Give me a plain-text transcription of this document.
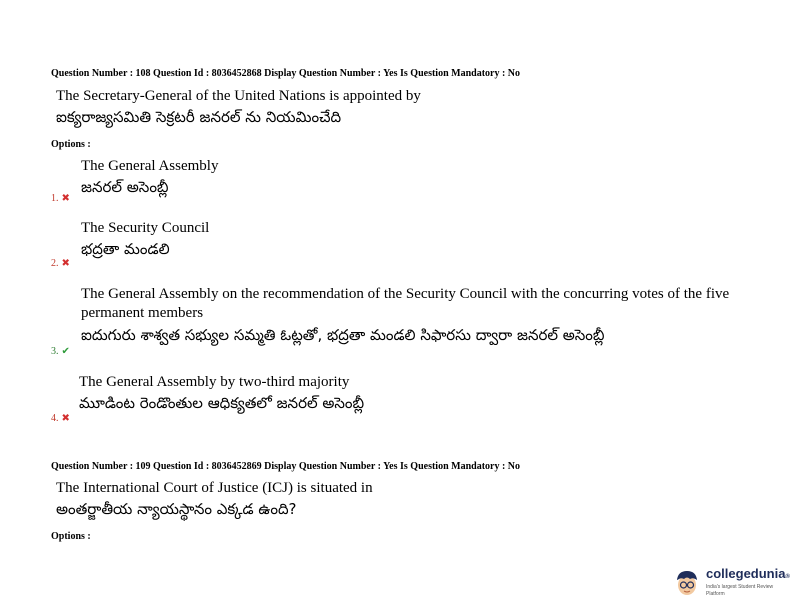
Question Number : 108 Question Id : 8036452868 Display Question Number : Yes Is Question Mandatory : No
The Secretary-General of the United Nations is appointed by
ఐక్యరాజ్యసమితి సెక్రటరీ జనరల్ ను నియమించేది
Options :
The General Assembly
జనరల్ అసెంబ్లీ
1. ✖
The Security Council
భద్రతా మండలి
2. ✖
The General Assembly on the recommendation of the Security Council with the concurring votes of the five permanent members
ఐదుగురు శాశ్వత సభ్యుల సమ్మతి ఓట్లతో, భద్రతా మండలి సిఫారసు ద్వారా జనరల్ అసెంబ్లీ
3. ✔
The General Assembly by two-third majority
మూడింట రెండొంతుల ఆధిక్యతలో జనరల్ అసెంబ్లీ
4. ✖
Question Number : 109 Question Id : 8036452869 Display Question Number : Yes Is Question Mandatory : No
The International Court of Justice (ICJ) is situated in
అంతర్జాతీయ న్యాయస్థానం ఎక్కడ ఉంది?
Options :
collegedunia®
India's largest Student Review Platform
